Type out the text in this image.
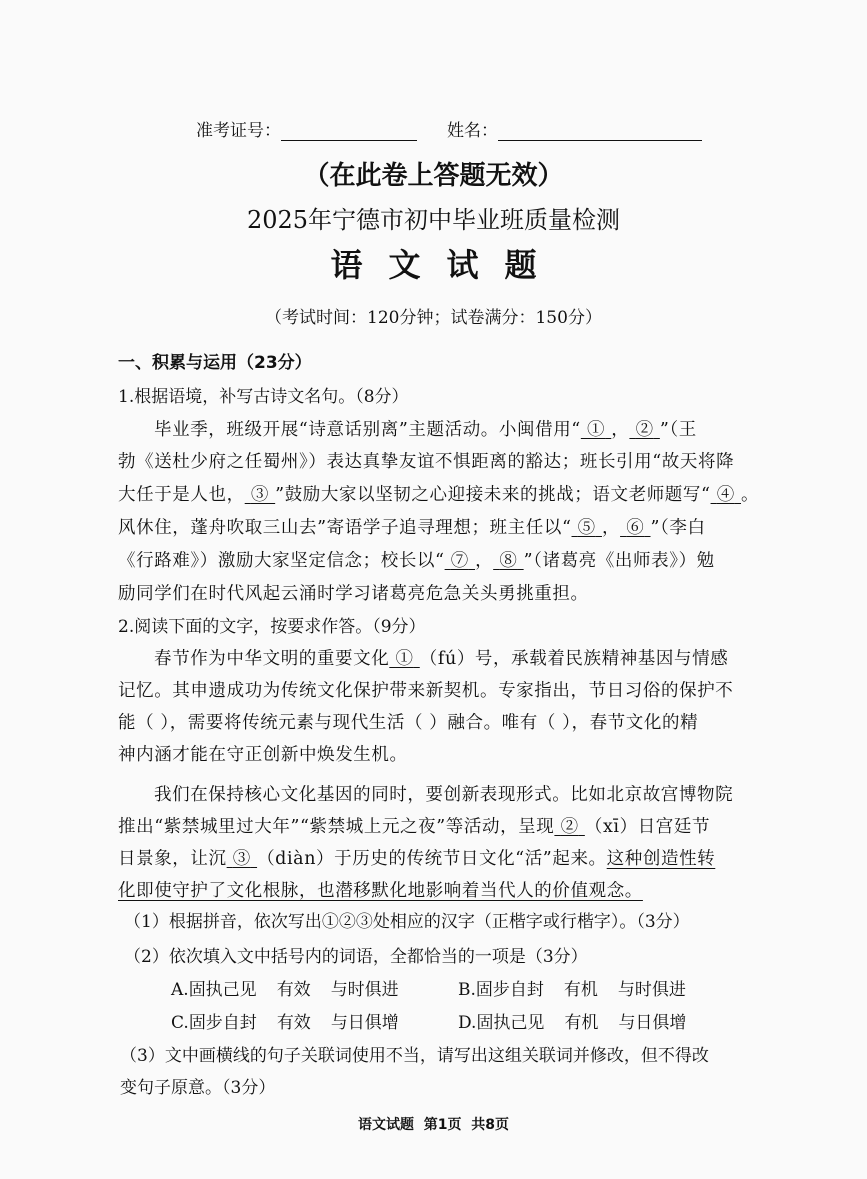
准考证号：	姓名：
（在此卷上答题无效）
2025年宁德市初中毕业班质量检测
语文试题
（考试时间：120分钟；试卷满分：150分）
一、积累与运用（23分）
1.根据语境，补写古诗文名句。（8分）
毕业季，班级开展“诗意话别离”主题活动。小闽借用“ ① ， ② ”（王
勃《送杜少府之任蜀州》）表达真挚友谊不惧距离的豁达；班长引用“故天将降
大任于是人也， ③ ”鼓励大家以坚韧之心迎接未来的挑战；语文老师题写“ ④ 。
风休住，蓬舟吹取三山去”寄语学子追寻理想；班主任以“ ⑤ ， ⑥ ”（李白
《行路难》）激励大家坚定信念；校长以“ ⑦ ， ⑧ ”（诸葛亮《出师表》）勉
励同学们在时代风起云涌时学习诸葛亮危急关头勇挑重担。
2.阅读下面的文字，按要求作答。（9分）
春节作为中华文明的重要文化 ① （fú）号，承载着民族精神基因与情感
记忆。其申遗成功为传统文化保护带来新契机。专家指出，节日习俗的保护不
能（ ），需要将传统元素与现代生活（ ）融合。唯有（ ），春节文化的精
神内涵才能在守正创新中焕发生机。
我们在保持核心文化基因的同时，要创新表现形式。比如北京故宫博物院
推出“紫禁城里过大年”“紫禁城上元之夜”等活动，呈现 ② （xī）日宫廷节
日景象，让沉 ③ （diàn）于历史的传统节日文化“活”起来。这种创造性转
化即使守护了文化根脉，也潜移默化地影响着当代人的价值观念。
（1）根据拼音，依次写出①②③处相应的汉字（正楷字或行楷字）。（3分）
（2）依次填入文中括号内的词语，全都恰当的一项是（3分）
A.固执己见 有效 与时俱进	B.固步自封 有机 与时俱进
C.固步自封 有效 与日俱增	D.固执己见 有机 与日俱增
（3）文中画横线的句子关联词使用不当，请写出这组关联词并修改，但不得改
变句子原意。（3分）
语文试题  第1页  共8页
